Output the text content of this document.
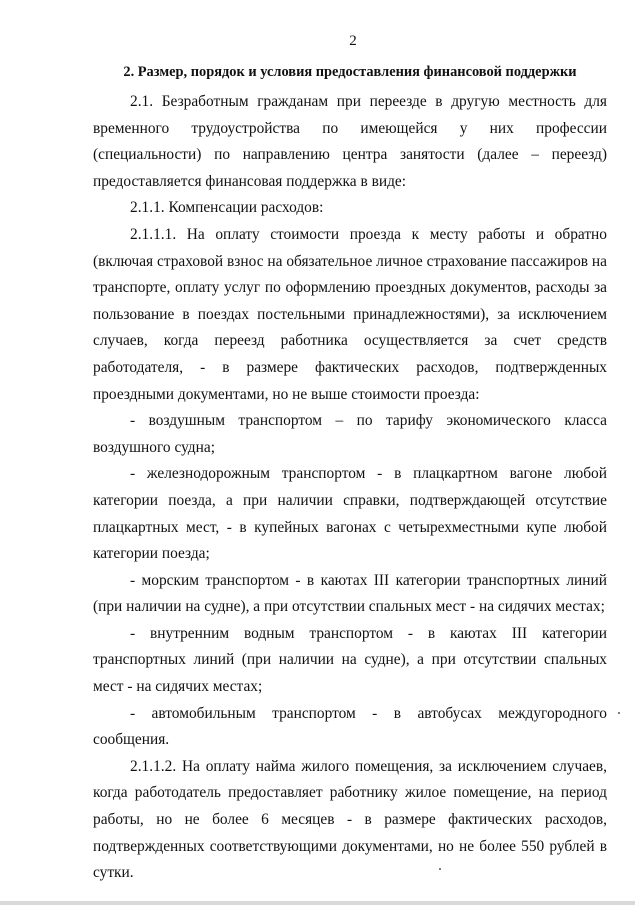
2
2. Размер, порядок и условия предоставления финансовой поддержки

2.1. Безработным гражданам при переезде в другую местность для временного трудоустройства по имеющейся у них профессии (специальности) по направлению центра занятости (далее – переезд) предоставляется финансовая поддержка в виде:

2.1.1. Компенсации расходов:

2.1.1.1. На оплату стоимости проезда к месту работы и обратно (включая страховой взнос на обязательное личное страхование пассажиров на транспорте, оплату услуг по оформлению проездных документов, расходы за пользование в поездах постельными принадлежностями), за исключением случаев, когда переезд работника осуществляется за счет средств работодателя, - в размере фактических расходов, подтвержденных проездными документами, но не выше стоимости проезда:

- воздушным транспортом – по тарифу экономического класса воздушного судна;

- железнодорожным транспортом - в плацкартном вагоне любой категории поезда, а при наличии справки, подтверждающей отсутствие плацкартных мест, - в купейных вагонах с четырехместными купе любой категории поезда;

- морским транспортом - в каютах III категории транспортных линий (при наличии на судне), а при отсутствии спальных мест - на сидячих местах;

- внутренним водным транспортом - в каютах III категории транспортных линий (при наличии на судне), а при отсутствии спальных мест - на сидячих местах;

- автомобильным транспортом - в автобусах междугородного сообщения.

2.1.1.2. На оплату найма жилого помещения, за исключением случаев, когда работодатель предоставляет работнику жилое помещение, на период работы, но не более 6 месяцев - в размере фактических расходов, подтвержденных соответствующими документами, но не более 550 рублей в сутки.
